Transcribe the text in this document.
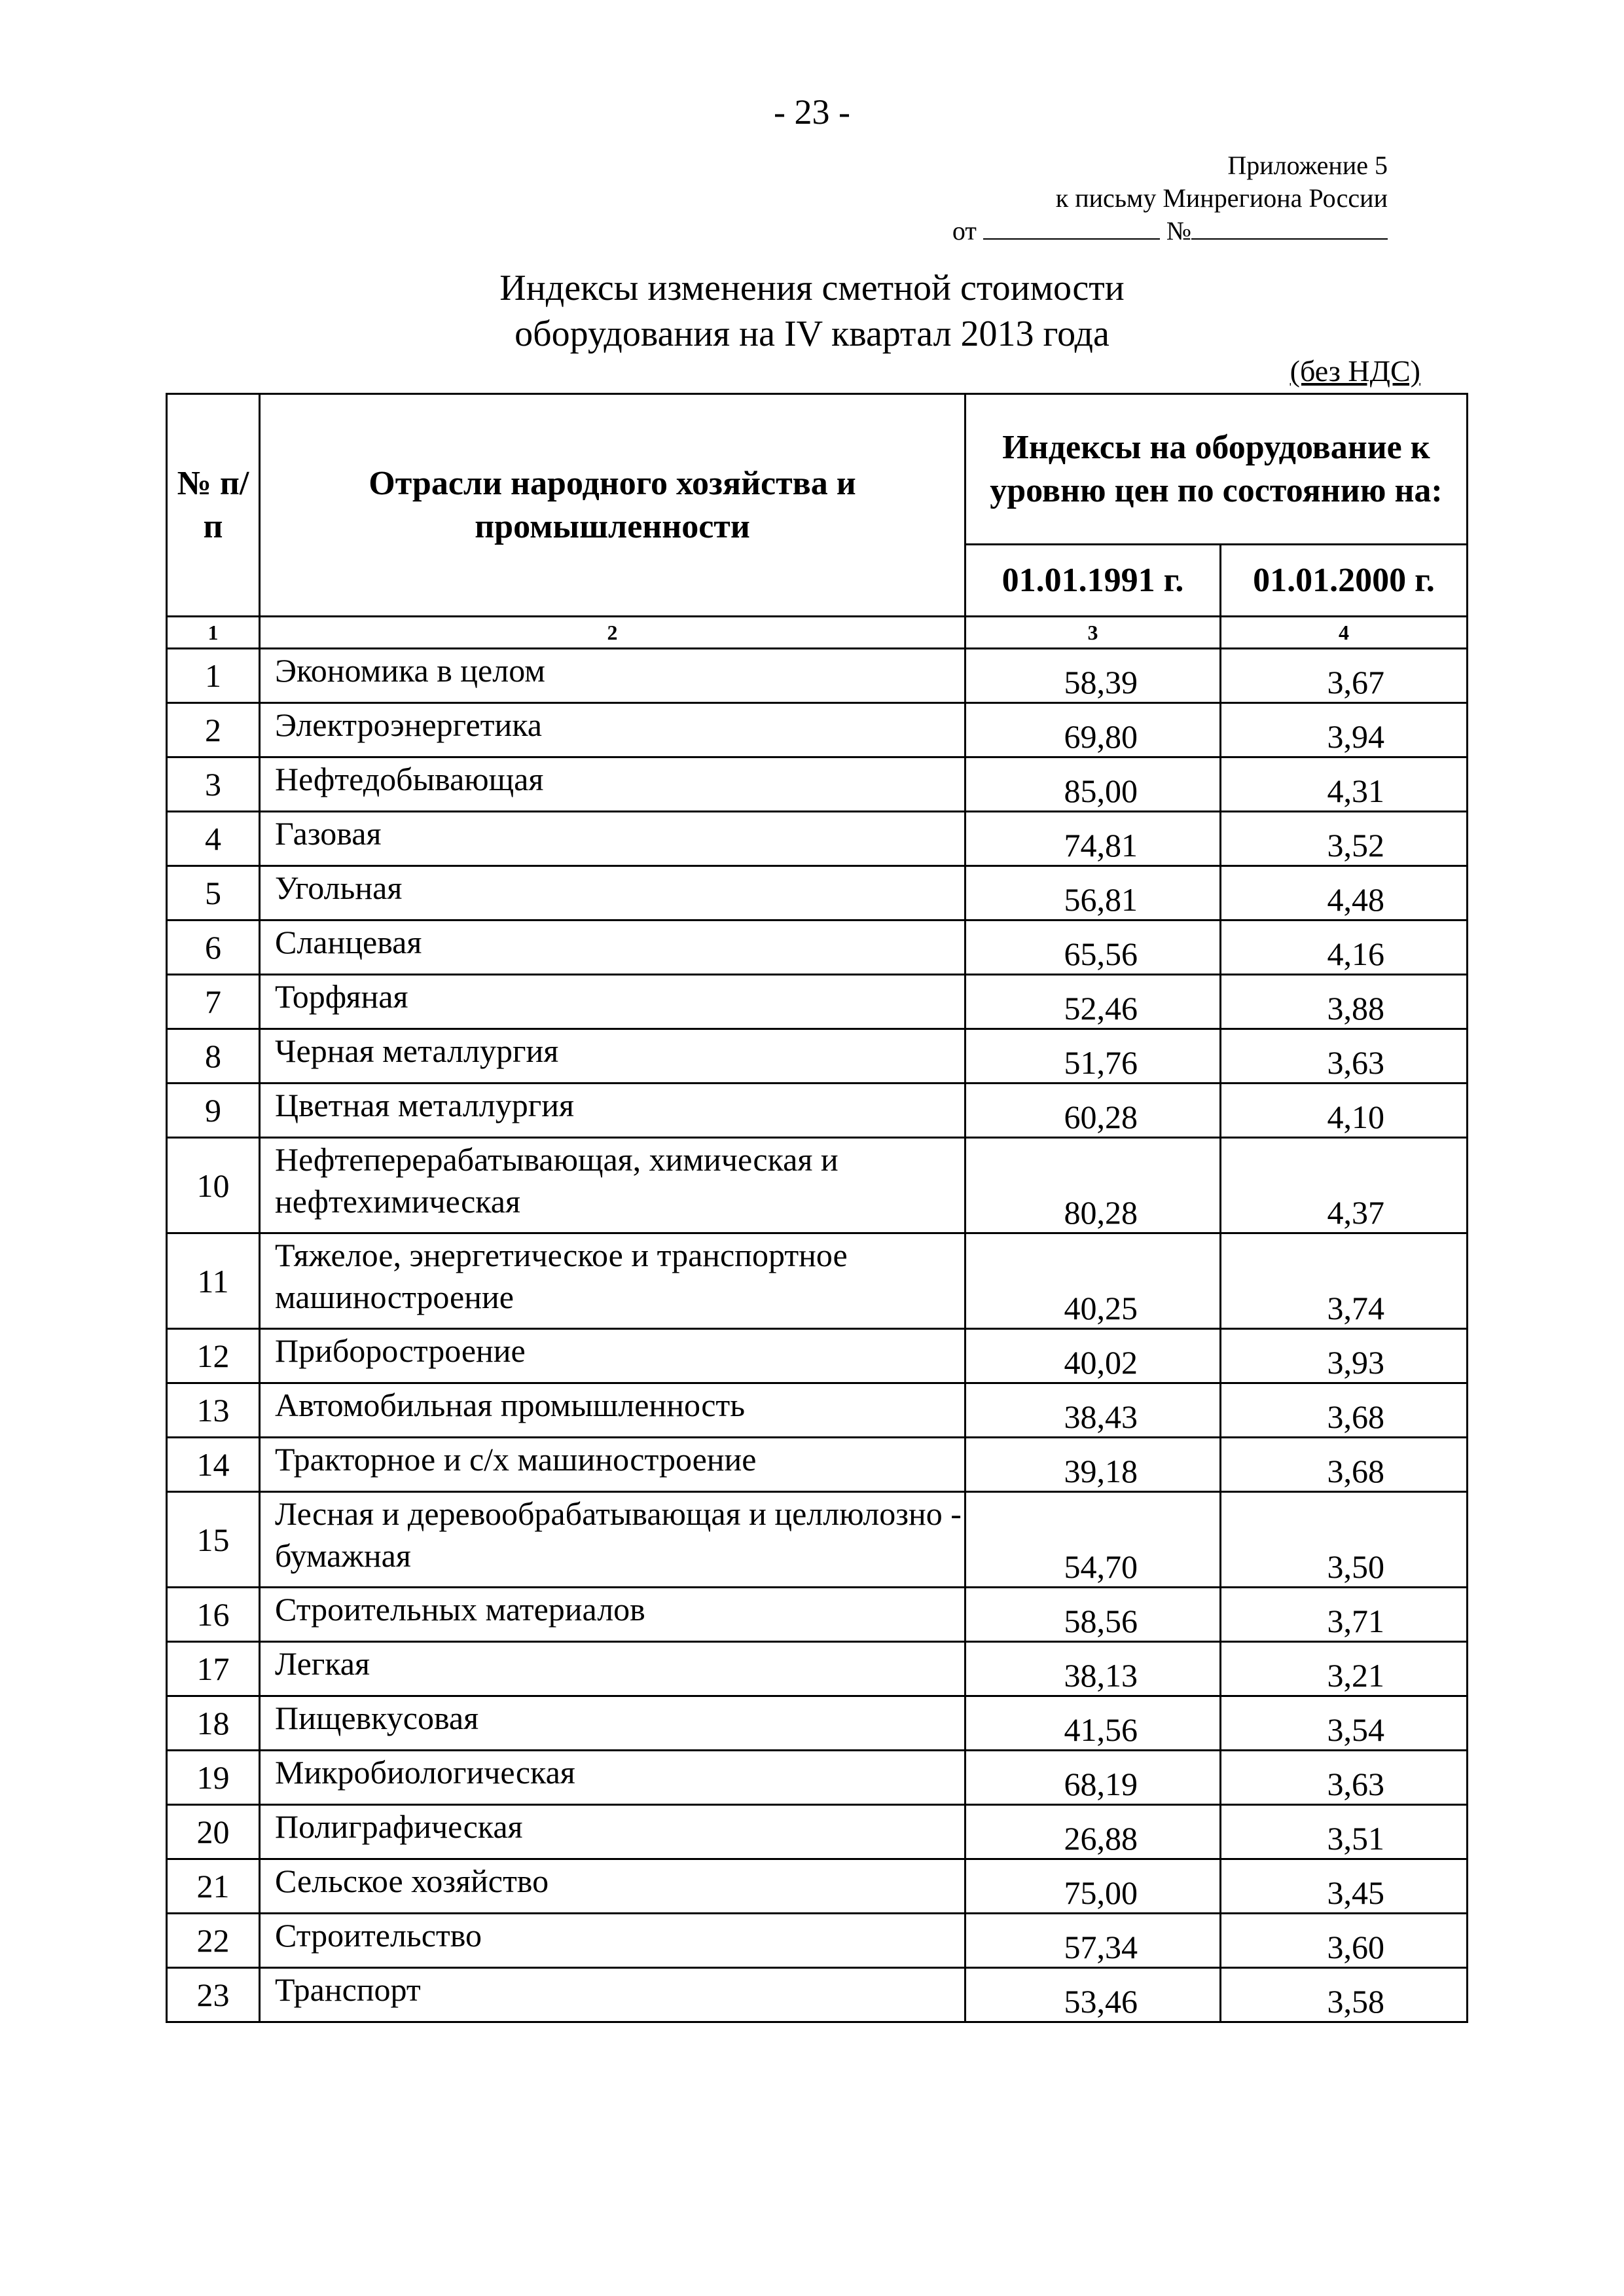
- 23 -
Приложение 5
к письму Минрегиона России
от	№
Индексы изменения сметной стоимости
оборудования на IV квартал 2013 года
(без НДС)
№ п/п	Отрасли народного хозяйства и промышленности	Индексы на оборудование к уровню цен по состоянию на:	
		01.01.1991 г.	01.01.2000 г.
1	2	3	4
1	Экономика в целом	58,39	3,67
2	Электроэнергетика	69,80	3,94
3	Нефтедобывающая	85,00	4,31
4	Газовая	74,81	3,52
5	Угольная	56,81	4,48
6	Сланцевая	65,56	4,16
7	Торфяная	52,46	3,88
8	Черная металлургия	51,76	3,63
9	Цветная металлургия	60,28	4,10
10	Нефтеперерабатывающая, химическая и нефтехимическая	80,28	4,37
11	Тяжелое, энергетическое и транспортное машиностроение	40,25	3,74
12	Приборостроение	40,02	3,93
13	Автомобильная промышленность	38,43	3,68
14	Тракторное и с/х машиностроение	39,18	3,68
15	Лесная и деревообрабатывающая и целлюлозно - бумажная	54,70	3,50
16	Строительных материалов	58,56	3,71
17	Легкая	38,13	3,21
18	Пищевкусовая	41,56	3,54
19	Микробиологическая	68,19	3,63
20	Полиграфическая	26,88	3,51
21	Сельское хозяйство	75,00	3,45
22	Строительство	57,34	3,60
23	Транспорт	53,46	3,58
